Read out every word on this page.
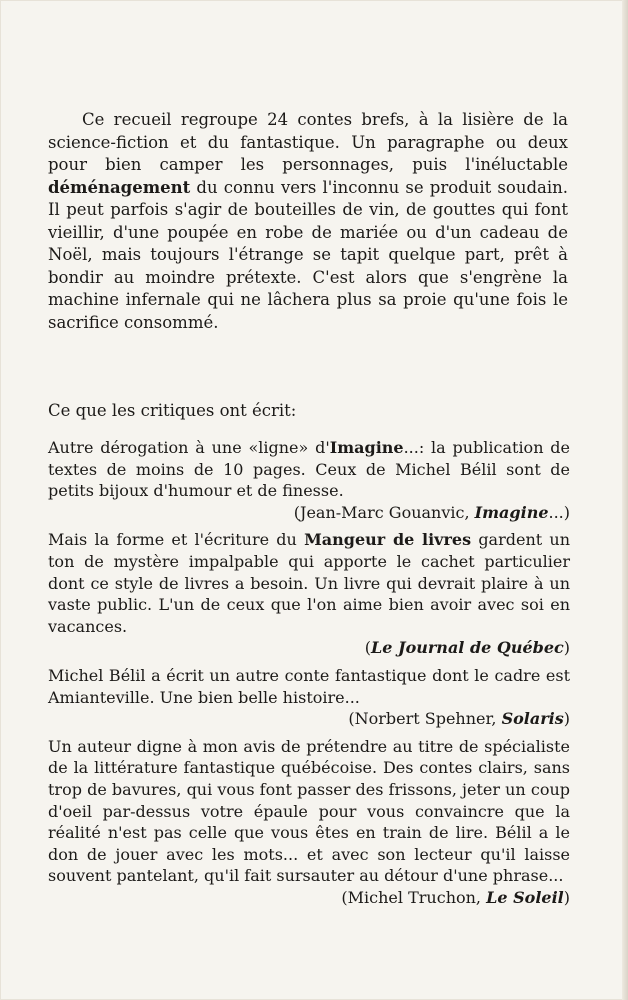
Ce recueil regroupe 24 contes brefs, à la lisière de la science-fiction et du fantastique. Un paragraphe ou deux pour bien camper les personnages, puis l'inéluctable déménagement du connu vers l'inconnu se produit soudain. Il peut parfois s'agir de bouteilles de vin, de gouttes qui font vieillir, d'une poupée en robe de mariée ou d'un cadeau de Noël, mais toujours l'étrange se tapit quelque part, prêt à bondir au moindre prétexte. C'est alors que s'engrène la machine infernale qui ne lâchera plus sa proie qu'une fois le sacrifice consommé.

Ce que les critiques ont écrit:

Autre dérogation à une «ligne» d'Imagine...: la publication de textes de moins de 10 pages. Ceux de Michel Bélil sont de petits bijoux d'humour et de finesse.

(Jean-Marc Gouanvic, Imagine...)

Mais la forme et l'écriture du Mangeur de livres gardent un ton de mystère impalpable qui apporte le cachet particulier dont ce style de livres a besoin. Un livre qui devrait plaire à un vaste public. L'un de ceux que l'on aime bien avoir avec soi en vacances.

(Le Journal de Québec)

Michel Bélil a écrit un autre conte fantastique dont le cadre est Amianteville. Une bien belle histoire...

(Norbert Spehner, Solaris)

Un auteur digne à mon avis de prétendre au titre de spécialiste de la littérature fantastique québécoise. Des contes clairs, sans trop de bavures, qui vous font passer des frissons, jeter un coup d'oeil par-dessus votre épaule pour vous convaincre que la réalité n'est pas celle que vous êtes en train de lire. Bélil a le don de jouer avec les mots... et avec son lecteur qu'il laisse souvent pantelant, qu'il fait sursauter au détour d'une phrase...

(Michel Truchon, Le Soleil)
